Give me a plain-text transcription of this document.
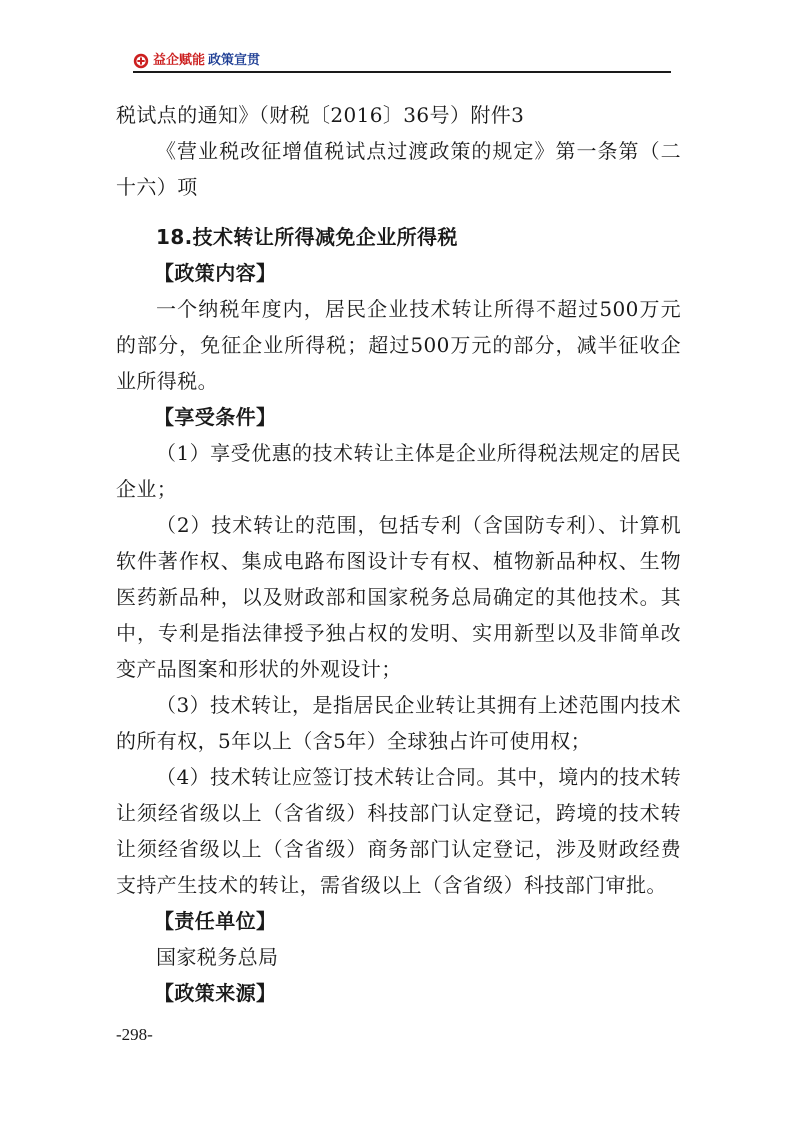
益企赋能 政策宣贯

税试点的通知》（财税〔2016〕36号）附件3

《营业税改征增值税试点过渡政策的规定》第一条第（二十六）项

18.技术转让所得减免企业所得税

【政策内容】

一个纳税年度内，居民企业技术转让所得不超过500万元的部分，免征企业所得税；超过500万元的部分，减半征收企业所得税。

【享受条件】

（1）享受优惠的技术转让主体是企业所得税法规定的居民企业；

（2）技术转让的范围，包括专利（含国防专利）、计算机软件著作权、集成电路布图设计专有权、植物新品种权、生物医药新品种，以及财政部和国家税务总局确定的其他技术。其中，专利是指法律授予独占权的发明、实用新型以及非简单改变产品图案和形状的外观设计；

（3）技术转让，是指居民企业转让其拥有上述范围内技术的所有权，5年以上（含5年）全球独占许可使用权；

（4）技术转让应签订技术转让合同。其中，境内的技术转让须经省级以上（含省级）科技部门认定登记，跨境的技术转让须经省级以上（含省级）商务部门认定登记，涉及财政经费支持产生技术的转让，需省级以上（含省级）科技部门审批。

【责任单位】

国家税务总局

【政策来源】

-298-
